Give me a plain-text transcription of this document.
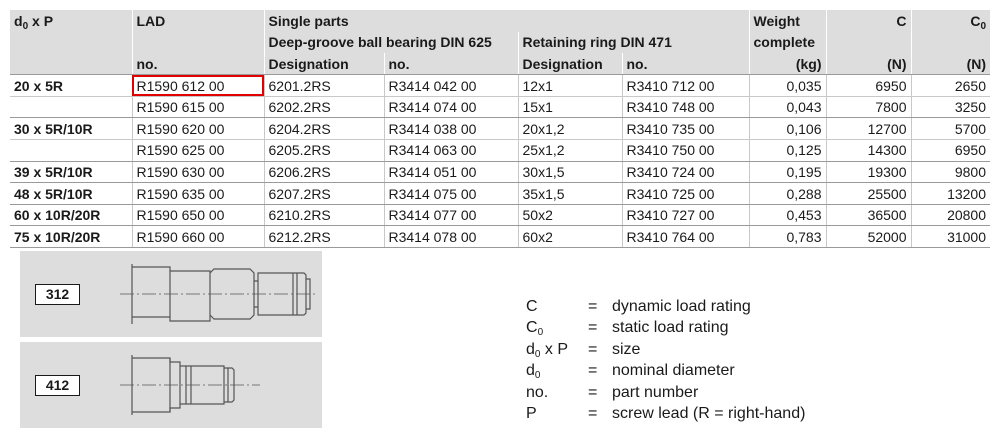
$d_0$ x P	LAD	Single parts				Weight	C	$C_0$
		Deep-groove ball bearing DIN 625		Retaining ring DIN 471		complete		
	no.	Designation	no.	Designation	no.	(kg)	(N)	(N)
20 x 5R	R1590 612 00	6201.2RS	R3414 042 00	12x1	R3410 712 00	0,035	6950	2650
	R1590 615 00	6202.2RS	R3414 074 00	15x1	R3410 748 00	0,043	7800	3250
30 x 5R/10R	R1590 620 00	6204.2RS	R3414 038 00	20x1,2	R3410 735 00	0,106	12700	5700
	R1590 625 00	6205.2RS	R3414 063 00	25x1,2	R3410 750 00	0,125	14300	6950
39 x 5R/10R	R1590 630 00	6206.2RS	R3414 051 00	30x1,5	R3410 724 00	0,195	19300	9800
48 x 5R/10R	R1590 635 00	6207.2RS	R3414 075 00	35x1,5	R3410 725 00	0,288	25500	13200
60 x 10R/20R	R1590 650 00	6210.2RS	R3414 077 00	50x2	R3410 727 00	0,453	36500	20800
75 x 10R/20R	R1590 660 00	6212.2RS	R3414 078 00	60x2	R3410 764 00	0,783	52000	31000
312
412
C	= dynamic load rating
$C_0$	= static load rating
$d_0$ x P	= size
$d_0$	= nominal diameter
no.	= part number
P	= screw lead (R = right-hand)
